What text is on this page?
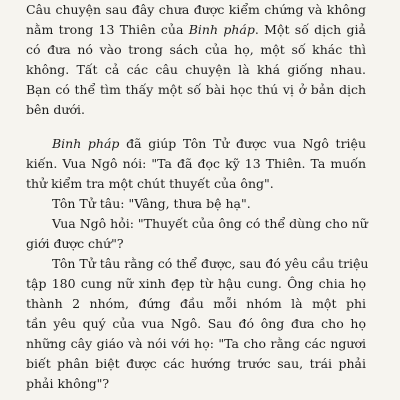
Câu chuyện sau đây chưa được kiểm chứng và không
nằm trong 13 Thiên của Binh pháp. Một số dịch giả
có đưa nó vào trong sách của họ, một số khác thì
không. Tất cả các câu chuyện là khá giống nhau.
Bạn có thể tìm thấy một số bài học thú vị ở bản dịch
bên dưới.
Binh pháp đã giúp Tôn Tử được vua Ngô triệu
kiến. Vua Ngô nói: "Ta đã đọc kỹ 13 Thiên. Ta muốn
thử kiểm tra một chút thuyết của ông".
Tôn Tử tâu: "Vâng, thưa bệ hạ".
Vua Ngô hỏi: "Thuyết của ông có thể dùng cho nữ
giới được chứ"?
Tôn Tử tâu rằng có thể được, sau đó yêu cầu triệu
tập 180 cung nữ xinh đẹp từ hậu cung. Ông chia họ
thành 2 nhóm, đứng đầu mỗi nhóm là một phi
tần yêu quý của vua Ngô. Sau đó ông đưa cho họ
những cây giáo và nói với họ: "Ta cho rằng các ngươi
biết phân biệt được các hướng trước sau, trái phải
phải không"?
